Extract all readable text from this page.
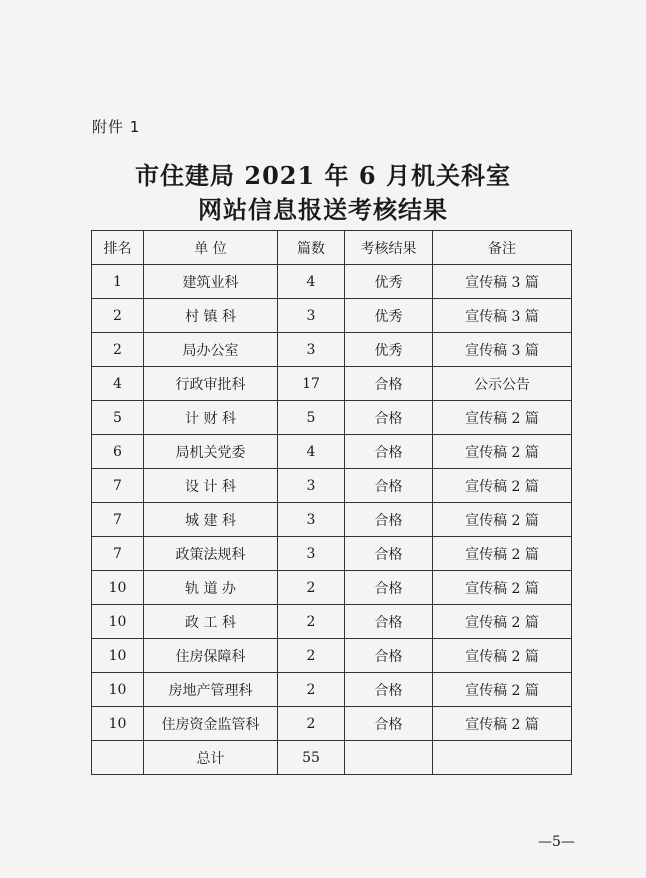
附件 1
市住建局 2021 年 6 月机关科室
网站信息报送考核结果
排名	单 位	篇数	考核结果	备注
1	建筑业科	4	优秀	宣传稿 3 篇
2	村 镇 科	3	优秀	宣传稿 3 篇
2	局办公室	3	优秀	宣传稿 3 篇
4	行政审批科	17	合格	公示公告
5	计 财 科	5	合格	宣传稿 2 篇
6	局机关党委	4	合格	宣传稿 2 篇
7	设 计 科	3	合格	宣传稿 2 篇
7	城 建 科	3	合格	宣传稿 2 篇
7	政策法规科	3	合格	宣传稿 2 篇
10	轨 道 办	2	合格	宣传稿 2 篇
10	政 工 科	2	合格	宣传稿 2 篇
10	住房保障科	2	合格	宣传稿 2 篇
10	房地产管理科	2	合格	宣传稿 2 篇
10	住房资金监管科	2	合格	宣传稿 2 篇
	总计	55		
—5—
